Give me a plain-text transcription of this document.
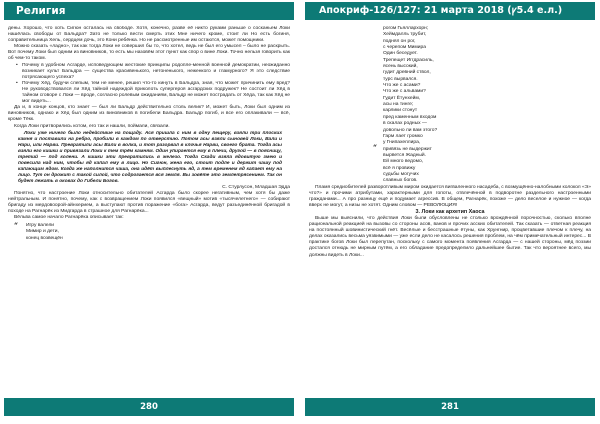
Религия

дены. Хорошо, что хоть Сигюн осталась на свободе. Хотя, конечно, разве её никто руками раньше о сосканьем Локи нашёлась свободы от Бальдра? Зато не только вести смерть этих Мне ничего кроме, стоит ли Но есть богиня, соправительница Хель, сердцем дочь, это Кони ребёнка. Но не рассмотренные им остаются, может помощники.

Можно сказать «ладно», так как тогда Локи не совершил бы то, что хотел, ведь не был его умысел – было не раскрыть. Вот почему Локи был одним из виновников, то есть мы назовём этот пункт как спор о вине Локи. Точно нельзя говорить как об чем-то таком.

• Почему в удобном Асгарде, исповедующем жестокие принципы родопле-менной военной демократии, неожиданно возникает культ Бальдра — существа красивенького, нетоненького, неженкого и гламурного? Я это следствие потрясающего успеха?
• Почему Хёд, будучи слепым, тем не менее, решил что-то кинуть в Бальдра, зная, что может причинить ему вред? Не руководствовался ли Хёд тайной надеждой приколоть супергероя асгардских подружек? Не состоит ли Хёд в тайном сговоре с Локи — вроде, согласно ролевым ожиданиям, Бальдр не может пострадать от Хёда, так как Хёд не мог видеть...

Да и, в конце концов, кто знает — был ли Бальдр действительно столь велик? И, может быть, Локи был одним из виновников, однако и Хёд был одним из виновников в погибели Бальдра. Бальдр погиб, и все его оплакивали — всё, кроме Тёкк.

Когда Локи притворились котом, его так и нашли, поймали, связали.

Локи уже ничего было недействие на пощаду. Ася пришла с ним в одну пещеру, взяли три плоских камня и поставили на ребро, пробили в каждом по отверстию. Потом асы взяли сыновей Локи, Вали и Нари, или Нарви. Превратили асы Вали в волка, и тот разорвал в клочья Нарви, своего брата. Тогда асы взяли его кишки и привязали Локи к тем трём камням. Один упирается ему в плечи, другой — в поясницу, третий — под колени. А кишки эти превратились в железо. Тогда Скади взяла ядовитую змею и повесила над ним, чтобы яд капал ему в лицо. Но Сигюн, жена его, стоит подле и держит чашу под капающим ядом. Когда же наполнится чаша, она идёт выплеснуть яд, а тем временем яд капает ему на лицо. Тут он дрожит с такой силой, что содрогается вся земля. Вы зовёте это землетрясением. Так он будет лежать в оковах до Гибели Богов.

С. Стурлусон, Младшая Эдда

Понятно, что настроение Локи относительно обитателей Асгарда было скорее негативным, чем хотя бы даже нейтральным. И понятно, почему, как с возвращением Локи появился «вещный» мотив «тысячелетнего» — собирают бригаду из мердовоорой-айнхерием, а выступают против поражение «бога» Асгарда, ведут разъединённой бригадой в походе на Рагнарёк из Мидгарда в страшное для Рагнарёка...

Вёльва самое начало Рагнарёка описывает так:

“ Игру валели
Мимир и дети,
конец возвещён
280
Апокриф-126/127: 21 марта 2018 (ꝩ5.4 е.л.)
рогом Гьяллархорн;
Хеймдалль трубит,
поднял он рог,
с черепом Мимира
Один беседует.
Трепещет Иггдрасиль,
ясень высокий,
гудит древний ствол,
турс вырвался.
“
Что же с асами?
Что же с альвами?
Гудит Ётунхейм,
асы на тинге;
карлики стонут
пред каменным входом
в скалах родных —
довольно ли вам этого?
Гарм лает громко
у Гнипахеллира,
привязь не выдержит
вырвется Жадный.
Ей много ведомо,
всё я провижу
судьбы могучих
славных богов.

Пламя средиобителей разворотливым миром окидается вигваленного насадеба, с возмущённо-налобными колокол «Э» что?» и прочими атрибутами, характерными для гопоты, отвлечённой в подворотне раздельного настроенными гражданами... А про разницу ещё и подумает агрессив. В общем, Рагнарёк, похоже — дело веселое и нужное — когда вверх не могут, а низы не хотят. Одним словом — РЕВОЛЮЦИЯ!

3. Локи как архетип Хаоса

Выше мы выяснили, что действия Локи были обусловлены не столько врождённой порочностью, сколько вполне рациональной реакцией на вызовы со стороны асов, ванов и прочих асских обитателей. Так сказать — ответная реакция на постоянный шовинистический гнёт. Весёлые и бесстрашные ётуны, как Хрунгнир, процветавшие плечом к плечу, на делах оказались весьма уязвимыми — уже если дело не касалось решения проблем, на чём примечательный интерес... В практике богов Локи был перепутан, поскольку с самого момента появления Асгарда — с нашей стороны, мёд поэзии достался отнюдь не мирным путём, а его обладание предопределило дальнейшее бытие. Так что вероятнее всего, мы должны видеть в Локи...

281
